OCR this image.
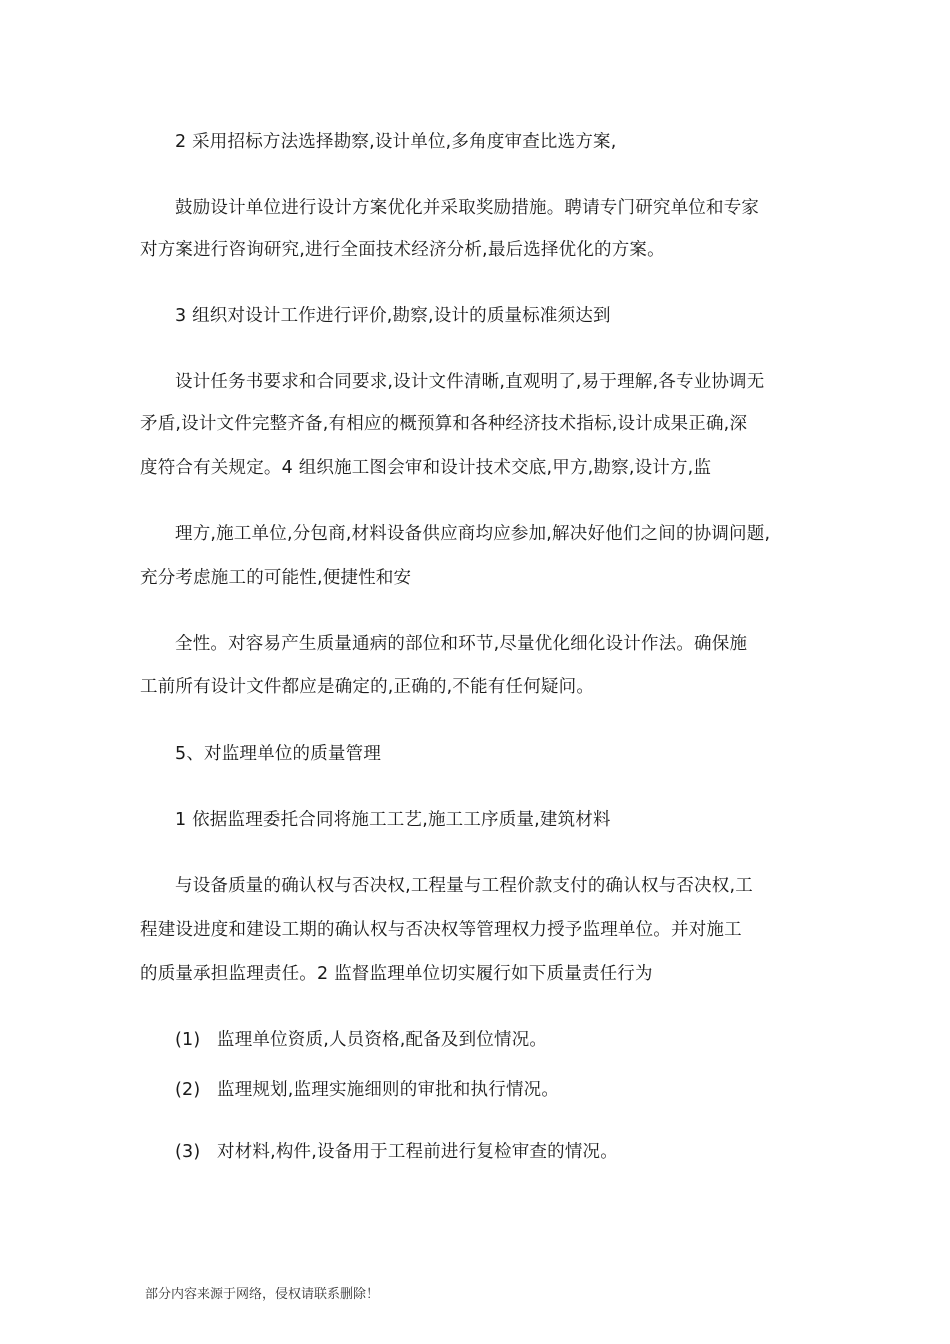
2 采用招标方法选择勘察,设计单位,多角度审查比选方案,
鼓励设计单位进行设计方案优化并采取奖励措施。聘请专门研究单位和专家
对方案进行咨询研究,进行全面技术经济分析,最后选择优化的方案。
3 组织对设计工作进行评价,勘察,设计的质量标准须达到
设计任务书要求和合同要求,设计文件清晰,直观明了,易于理解,各专业协调无
矛盾,设计文件完整齐备,有相应的概预算和各种经济技术指标,设计成果正确,深
度符合有关规定。4 组织施工图会审和设计技术交底,甲方,勘察,设计方,监
理方,施工单位,分包商,材料设备供应商均应参加,解决好他们之间的协调问题,
充分考虑施工的可能性,便捷性和安
全性。对容易产生质量通病的部位和环节,尽量优化细化设计作法。确保施
工前所有设计文件都应是确定的,正确的,不能有任何疑问。
5、对监理单位的质量管理
1 依据监理委托合同将施工工艺,施工工序质量,建筑材料
与设备质量的确认权与否决权,工程量与工程价款支付的确认权与否决权,工
程建设进度和建设工期的确认权与否决权等管理权力授予监理单位。并对施工
的质量承担监理责任。2 监督监理单位切实履行如下质量责任行为
(1) 监理单位资质,人员资格,配备及到位情况。
(2) 监理规划,监理实施细则的审批和执行情况。
(3) 对材料,构件,设备用于工程前进行复检审查的情况。
部分内容来源于网络，侵权请联系删除！
